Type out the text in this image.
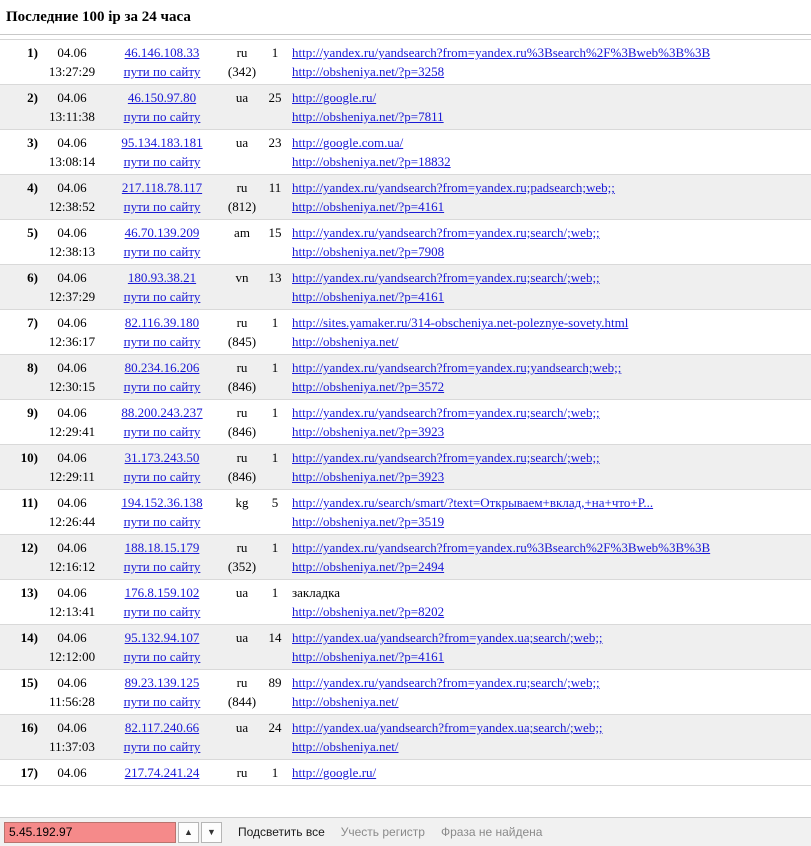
Последние 100 ip за 24 часа
1)	04.06
13:27:29	46.146.108.33
пути по сайту	ru
(342)	1	http://yandex.ru/yandsearch?from=yandex.ru%3Bsearch%2F%3Bweb%3B%3B
http://obsheniya.net/?p=3258

2)	04.06
13:11:38	46.150.97.80
пути по сайту	ua	25	http://google.ru/
http://obsheniya.net/?p=7811

3)	04.06
13:08:14	95.134.183.181
пути по сайту	ua	23	http://google.com.ua/
http://obsheniya.net/?p=18832

4)	04.06
12:38:52	217.118.78.117
пути по сайту	ru
(812)	11	http://yandex.ru/yandsearch?from=yandex.ru;padsearch;web;;
http://obsheniya.net/?p=4161

5)	04.06
12:38:13	46.70.139.209
пути по сайту	am	15	http://yandex.ru/yandsearch?from=yandex.ru;search/;web;;
http://obsheniya.net/?p=7908

6)	04.06
12:37:29	180.93.38.21
пути по сайту	vn	13	http://yandex.ru/yandsearch?from=yandex.ru;search/;web;;
http://obsheniya.net/?p=4161

7)	04.06
12:36:17	82.116.39.180
пути по сайту	ru
(845)	1	http://sites.yamaker.ru/314-obscheniya.net-poleznye-sovety.html
http://obsheniya.net/

8)	04.06
12:30:15	80.234.16.206
пути по сайту	ru
(846)	1	http://yandex.ru/yandsearch?from=yandex.ru;yandsearch;web;;
http://obsheniya.net/?p=3572

9)	04.06
12:29:41	88.200.243.237
пути по сайту	ru
(846)	1	http://yandex.ru/yandsearch?from=yandex.ru;search/;web;;
http://obsheniya.net/?p=3923

10)	04.06
12:29:11	31.173.243.50
пути по сайту	ru
(846)	1	http://yandex.ru/yandsearch?from=yandex.ru;search/;web;;
http://obsheniya.net/?p=3923

11)	04.06
12:26:44	194.152.36.138
пути по сайту	kg	5	http://yandex.ru/search/smart/?text=Открываем+вклад,+на+что+Р...
http://obsheniya.net/?p=3519

12)	04.06
12:16:12	188.18.15.179
пути по сайту	ru
(352)	1	http://yandex.ru/yandsearch?from=yandex.ru%3Bsearch%2F%3Bweb%3B%3B
http://obsheniya.net/?p=2494

13)	04.06
12:13:41	176.8.159.102
пути по сайту	ua	1	закладка
http://obsheniya.net/?p=8202

14)	04.06
12:12:00	95.132.94.107
пути по сайту	ua	14	http://yandex.ua/yandsearch?from=yandex.ua;search/;web;;
http://obsheniya.net/?p=4161

15)	04.06
11:56:28	89.23.139.125
пути по сайту	ru
(844)	89	http://yandex.ru/yandsearch?from=yandex.ru;search/;web;;
http://obsheniya.net/

16)	04.06
11:37:03	82.117.240.66
пути по сайту	ua	24	http://yandex.ua/yandsearch?from=yandex.ua;search/;web;;
http://obsheniya.net/

17)	04.06	217.74.241.24	ru	1	http://google.ru/
5.45.192.97
▲	▼	Подсветить все Учесть регистр Фраза не найдена
